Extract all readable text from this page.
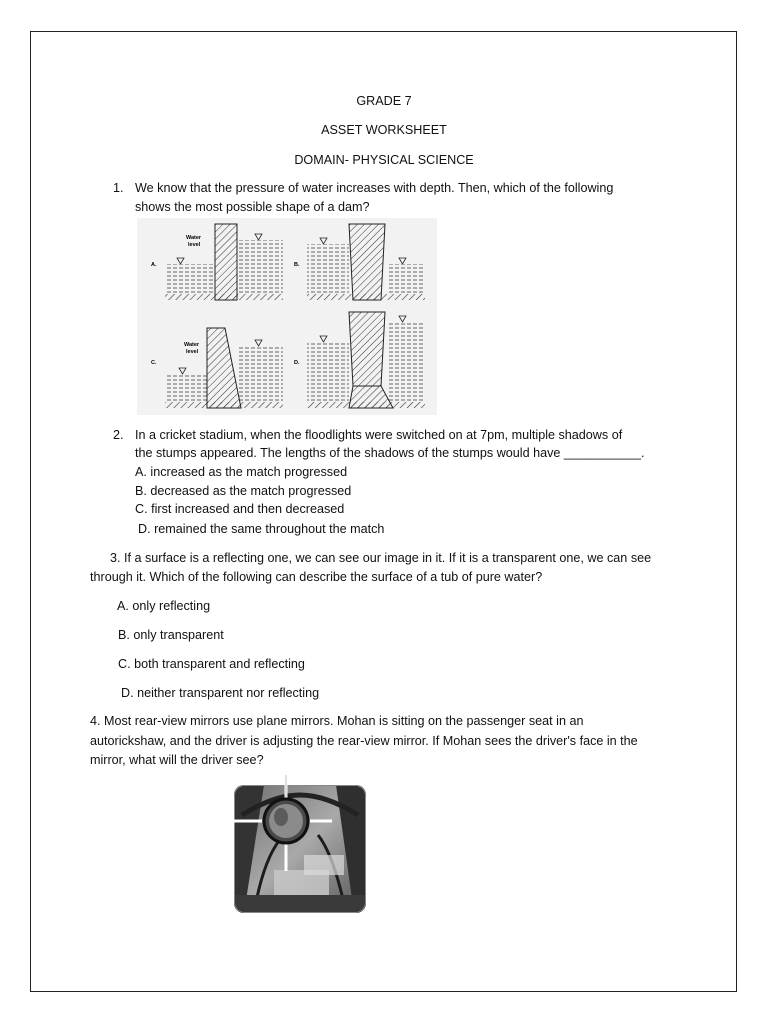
GRADE 7
ASSET WORKSHEET
DOMAIN- PHYSICAL SCIENCE
1. We know that the pressure of water increases with depth. Then, which of the following
shows the most possible shape of a dam?
Water
level
A.	B.
Water
level
C.	D.
2. In a cricket stadium, when the floodlights were switched on at 7pm, multiple shadows of
the stumps appeared. The lengths of the shadows of the stumps would have ___________.
A. increased as the match progressed
B. decreased as the match progressed
C. first increased and then decreased
D. remained the same throughout the match
3. If a surface is a reflecting one, we can see our image in it. If it is a transparent one, we can see
through it. Which of the following can describe the surface of a tub of pure water?
A. only reflecting
B. only transparent
C. both transparent and reflecting
D. neither transparent nor reflecting
4. Most rear-view mirrors use plane mirrors. Mohan is sitting on the passenger seat in an
autorickshaw, and the driver is adjusting the rear-view mirror. If Mohan sees the driver's face in the
mirror, what will the driver see?
